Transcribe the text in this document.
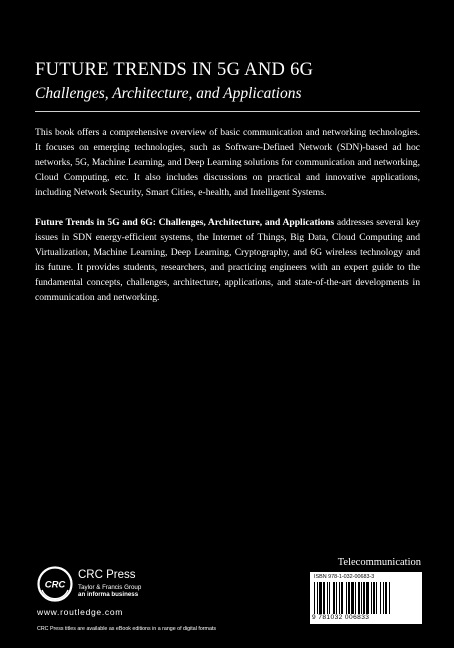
FUTURE TRENDS IN 5G AND 6G
Challenges, Architecture, and Applications

This book offers a comprehensive overview of basic communication and networking technologies. It focuses on emerging technologies, such as Software-Defined Network (SDN)-based ad hoc networks, 5G, Machine Learning, and Deep Learning solutions for communication and networking, Cloud Computing, etc. It also includes discussions on practical and innovative applications, including Network Security, Smart Cities, e-health, and Intelligent Systems.

Future Trends in 5G and 6G: Challenges, Architecture, and Applications addresses several key issues in SDN energy-efficient systems, the Internet of Things, Big Data, Cloud Computing and Virtualization, Machine Learning, Deep Learning, Cryptography, and 6G wireless technology and its future. It provides students, researchers, and practicing engineers with an expert guide to the fundamental concepts, challenges, architecture, applications, and state-of-the-art developments in communication and networking.

Telecommunication
CRC
CRC Press
Taylor & Francis Group
an informa business
www.routledge.com
CRC Press titles are available as eBook editions in a range of digital formats
ISBN 978-1-032-00683-3
9 781032 006833
